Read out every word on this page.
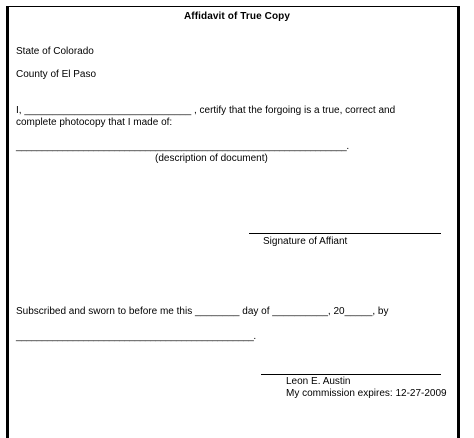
Affidavit of True Copy
State of Colorado
County of El Paso
I, ______________________________ , certify that the forgoing is a true, correct and
complete photocopy that I made of:
________________________________________________________________.
(description of document)
Signature of Affiant
Subscribed and sworn to before me this ________ day of __________, 20_____, by
______________________________________________.
Leon E. Austin
My commission expires: 12-27-2009
